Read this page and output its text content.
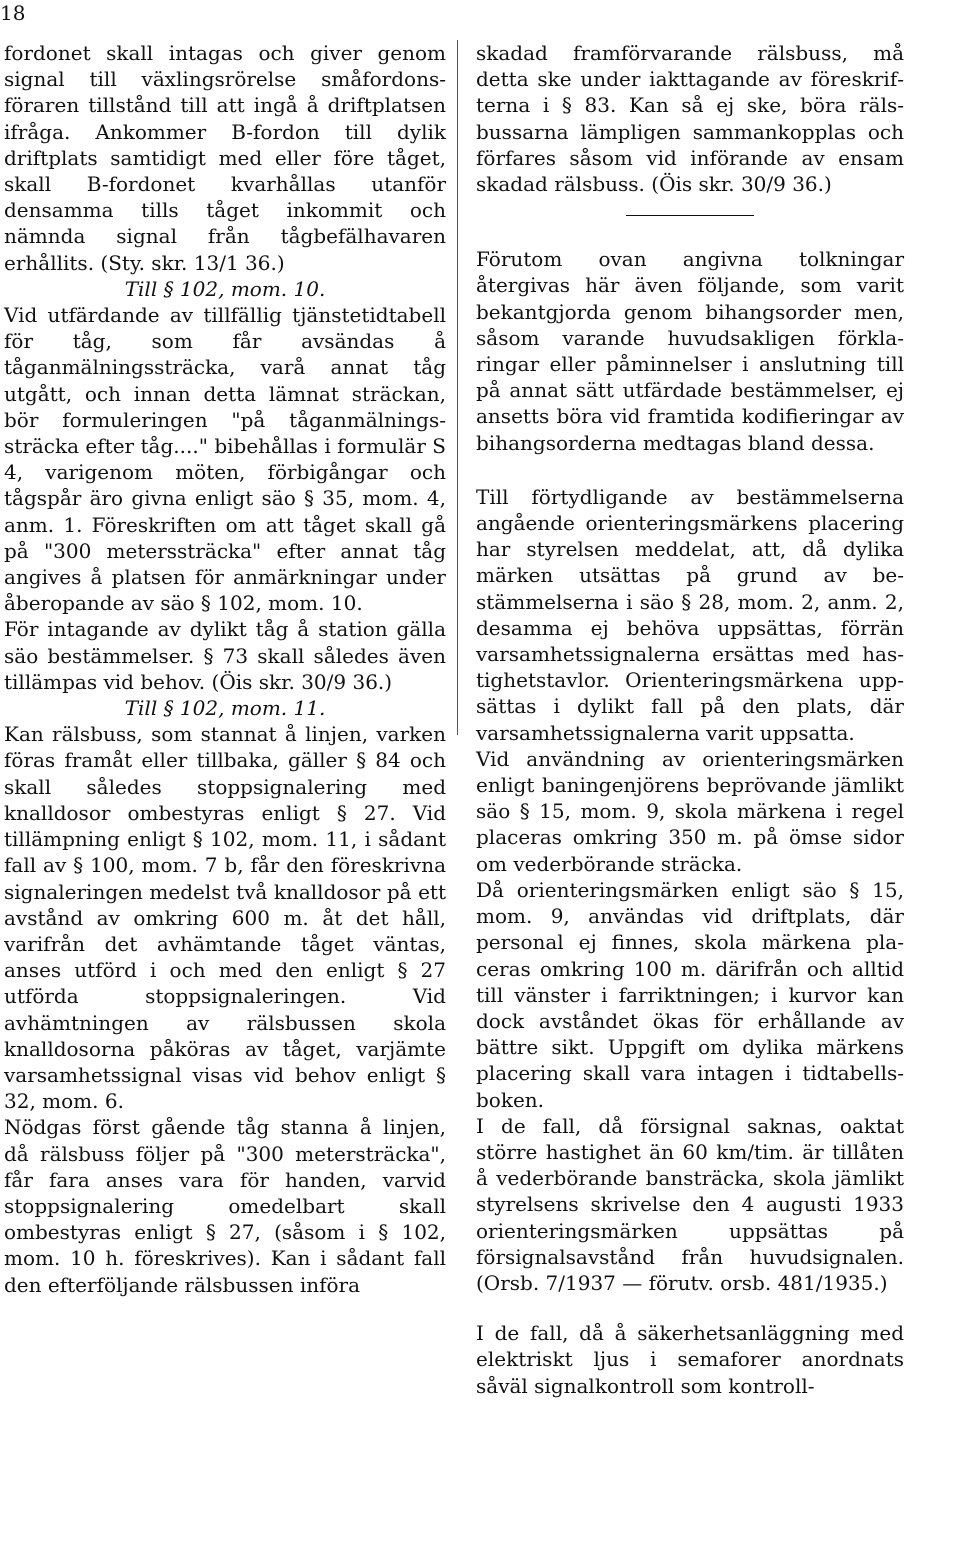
18

fordonet skall intagas och giver genom signal till växlingsrörelse småfordonsföraren tillstånd till att ingå å driftplatsen ifråga. Ankommer B-fordon till dylik driftplats samtidigt med eller före tåget, skall B-fordonet kvarhållas utanför densamma tills tåget inkommit och nämnda signal från tågbefälhavaren erhållits. (Sty. skr. 13/1 36.)

Till § 102, mom. 10.

Vid utfärdande av tillfällig tjänstetidtabell för tåg, som får avsändas å tåganmälningssträcka, varå annat tåg utgått, och innan detta lämnat sträckan, bör formuleringen "på tåganmälningssträcka efter tåg...." bibehållas i formulär S 4, varigenom möten, förbigångar och tågspår äro givna enligt säo § 35, mom. 4, anm. 1. Föreskriften om att tåget skall gå på "300 meterssträcka" efter annat tåg angives å platsen för anmärkningar under åberopande av säo § 102, mom. 10.

För intagande av dylikt tåg å station gälla säo bestämmelser. § 73 skall således även tillämpas vid behov. (Öis skr. 30/9 36.)

Till § 102, mom. 11.

Kan rälsbuss, som stannat å linjen, varken föras framåt eller tillbaka, gäller § 84 och skall således stoppsignalering med knalldosor ombestyras enligt § 27. Vid tillämpning enligt § 102, mom. 11, i sådant fall av § 100, mom. 7 b, får den föreskrivna signaleringen medelst två knalldosor på ett avstånd av omkring 600 m. åt det håll, varifrån det avhämtande tåget väntas, anses utförd i och med den enligt § 27 utförda stoppsignaleringen. Vid avhämtningen av rälsbussen skola knalldosorna påköras av tåget, varjämte varsamhetssignal visas vid behov enligt § 32, mom. 6.

Nödgas först gående tåg stanna å linjen, då rälsbuss följer på "300 metersträcka", får fara anses vara för handen, varvid stoppsignalering omedelbart skall ombestyras enligt § 27, (såsom i § 102, mom. 10 h. föreskrives). Kan i sådant fall den efterföljande rälsbussen införa

skadad framförvarande rälsbuss, må detta ske under iakttagande av föreskrifterna i § 83. Kan så ej ske, böra rälsbussarna lämpligen sammankopplas och förfares såsom vid införande av ensam skadad rälsbuss. (Öis skr. 30/9 36.)

Förutom ovan angivna tolkningar återgivas här även följande, som varit bekantgjorda genom bihangsorder men, såsom varande huvudsakligen förklaringar eller påminnelser i anslutning till på annat sätt utfärdade bestämmelser, ej ansetts böra vid framtida kodifieringar av bihangsorderna medtagas bland dessa.

Till förtydligande av bestämmelserna angående orienteringsmärkens placering har styrelsen meddelat, att, då dylika märken utsättas på grund av bestämmelserna i säo § 28, mom. 2, anm. 2, desamma ej behöva uppsättas, förrän varsamhetssignalerna ersättas med hastighetstavlor. Orienteringsmärkena uppsättas i dylikt fall på den plats, där varsamhetssignalerna varit uppsatta.

Vid användning av orienteringsmärken enligt baningenjörens beprövande jämlikt säo § 15, mom. 9, skola märkena i regel placeras omkring 350 m. på ömse sidor om vederbörande sträcka.

Då orienteringsmärken enligt säo § 15, mom. 9, användas vid driftplats, där personal ej finnes, skola märkena placeras omkring 100 m. därifrån och alltid till vänster i farriktningen; i kurvor kan dock avståndet ökas för erhållande av bättre sikt. Uppgift om dylika märkens placering skall vara intagen i tidtabellsboken.

I de fall, då försignal saknas, oaktat större hastighet än 60 km/tim. är tillåten å vederbörande bansträcka, skola jämlikt styrelsens skrivelse den 4 augusti 1933 orienteringsmärken uppsättas på försignalsavstånd från huvudsignalen. (Orsb. 7/1937 — förutv. orsb. 481/1935.)

I de fall, då å säkerhetsanläggning med elektriskt ljus i semaforer anordnats såväl signalkontroll som kontroll-
